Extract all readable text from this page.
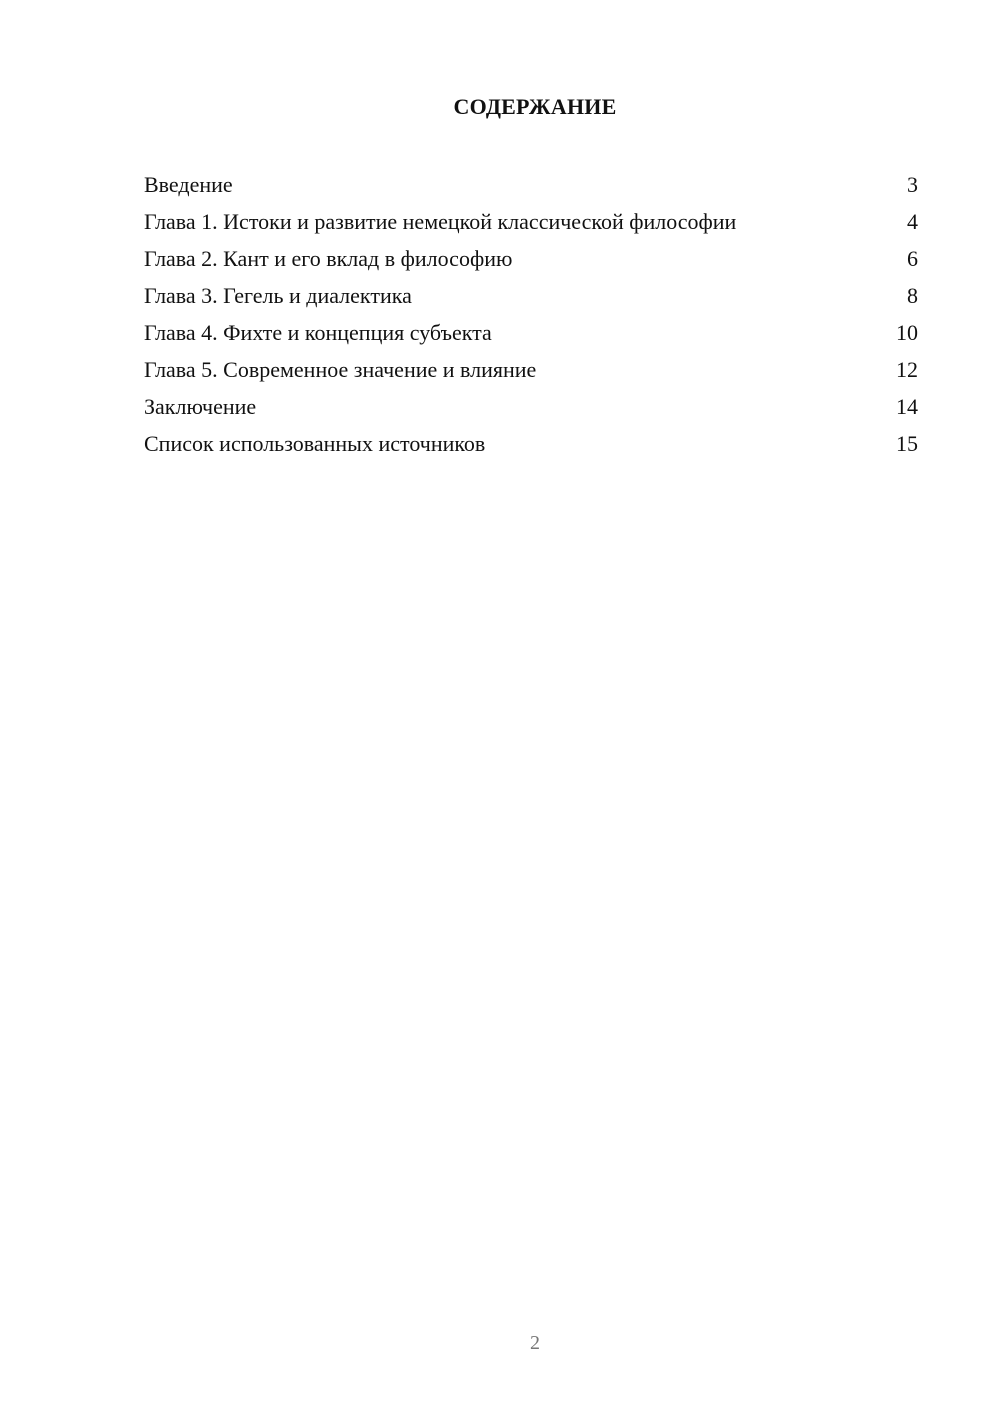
СОДЕРЖАНИЕ
Введение	3
Глава 1. Истоки и развитие немецкой классической философии	4
Глава 2. Кант и его вклад в философию	6
Глава 3. Гегель и диалектика	8
Глава 4. Фихте и концепция субъекта	10
Глава 5. Современное значение и влияние	12
Заключение	14
Список использованных источников	15
2
